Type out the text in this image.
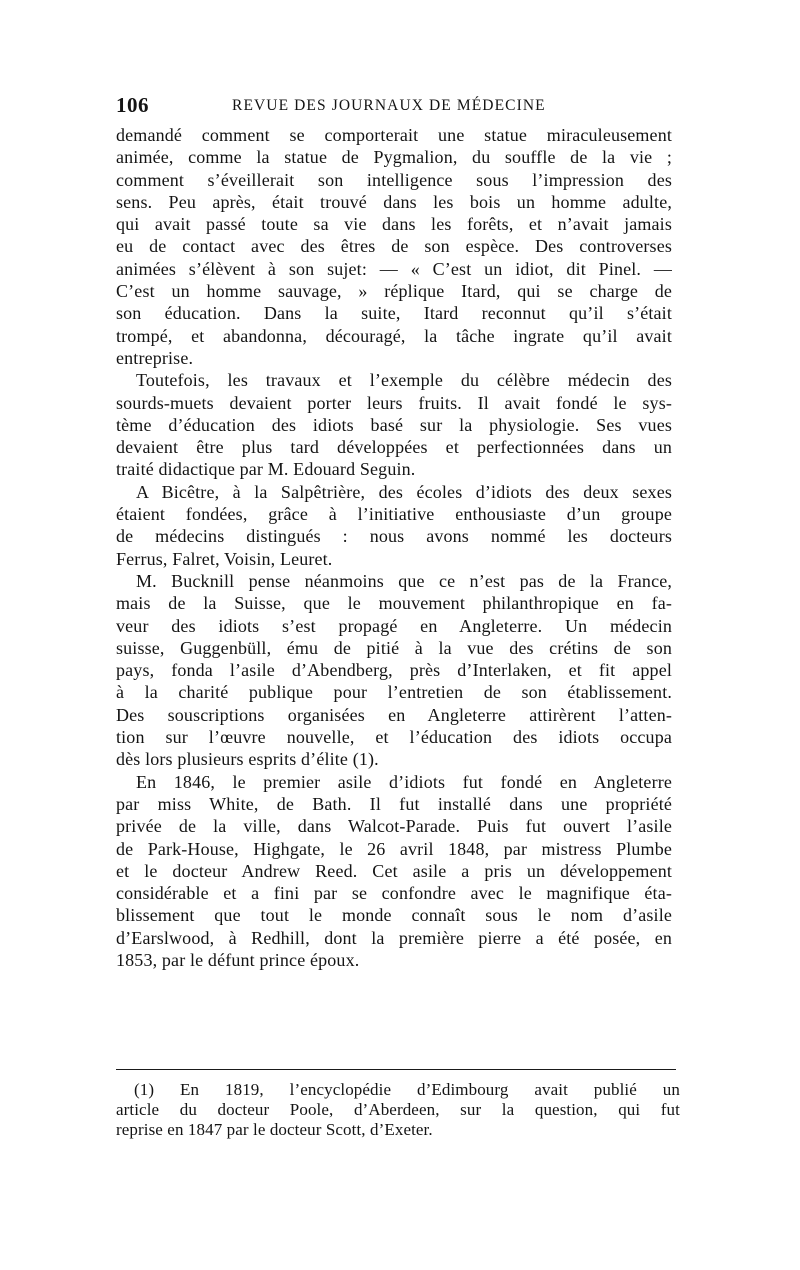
106	REVUE DES JOURNAUX DE MÉDECINE
demandé comment se comporterait une statue miraculeusement
animée, comme la statue de Pygmalion, du souffle de la vie ;
comment s’éveillerait son intelligence sous l’impression des
sens. Peu après, était trouvé dans les bois un homme adulte,
qui avait passé toute sa vie dans les forêts, et n’avait jamais
eu de contact avec des êtres de son espèce. Des controverses
animées s’élèvent à son sujet: — « C’est un idiot, dit Pinel. —
C’est un homme sauvage, » réplique Itard, qui se charge de
son éducation. Dans la suite, Itard reconnut qu’il s’était
trompé, et abandonna, découragé, la tâche ingrate qu’il avait
entreprise.
Toutefois, les travaux et l’exemple du célèbre médecin des
sourds-muets devaient porter leurs fruits. Il avait fondé le sys-
tème d’éducation des idiots basé sur la physiologie. Ses vues
devaient être plus tard développées et perfectionnées dans un
traité didactique par M. Edouard Seguin.
A Bicêtre, à la Salpêtrière, des écoles d’idiots des deux sexes
étaient fondées, grâce à l’initiative enthousiaste d’un groupe
de médecins distingués : nous avons nommé les docteurs
Ferrus, Falret, Voisin, Leuret.
M. Bucknill pense néanmoins que ce n’est pas de la France,
mais de la Suisse, que le mouvement philanthropique en fa-
veur des idiots s’est propagé en Angleterre. Un médecin
suisse, Guggenbüll, ému de pitié à la vue des crétins de son
pays, fonda l’asile d’Abendberg, près d’Interlaken, et fit appel
à la charité publique pour l’entretien de son établissement.
Des souscriptions organisées en Angleterre attirèrent l’atten-
tion sur l’œuvre nouvelle, et l’éducation des idiots occupa
dès lors plusieurs esprits d’élite (1).
En 1846, le premier asile d’idiots fut fondé en Angleterre
par miss White, de Bath. Il fut installé dans une propriété
privée de la ville, dans Walcot-Parade. Puis fut ouvert l’asile
de Park-House, Highgate, le 26 avril 1848, par mistress Plumbe
et le docteur Andrew Reed. Cet asile a pris un développement
considérable et a fini par se confondre avec le magnifique éta-
blissement que tout le monde connaît sous le nom d’asile
d’Earslwood, à Redhill, dont la première pierre a été posée, en
1853, par le défunt prince époux.
(1) En 1819, l’encyclopédie d’Edimbourg avait publié un
article du docteur Poole, d’Aberdeen, sur la question, qui fut
reprise en 1847 par le docteur Scott, d’Exeter.
